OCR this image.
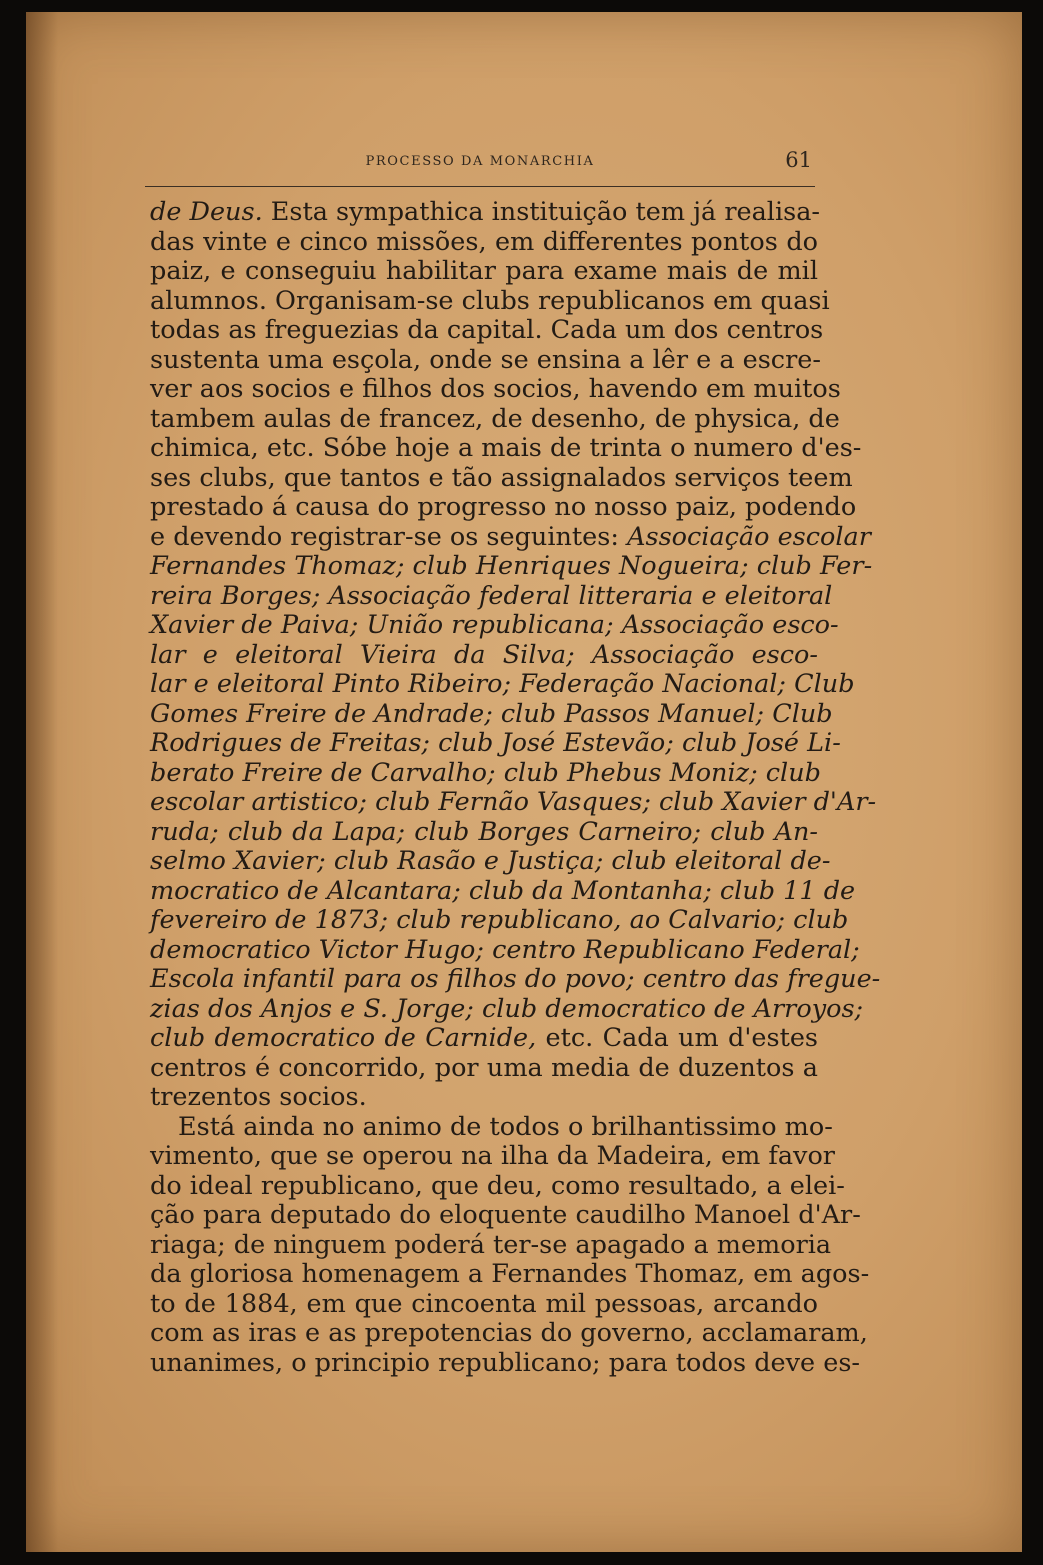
PROCESSO DA MONARCHIA	61
de Deus. Esta sympathica instituição tem já realisa-
das vinte e cinco missões, em differentes pontos do
paiz, e conseguiu habilitar para exame mais de mil
alumnos. Organisam-se clubs republicanos em quasi
todas as freguezias da capital. Cada um dos centros
sustenta uma esçola, onde se ensina a lêr e a escre-
ver aos socios e filhos dos socios, havendo em muitos
tambem aulas de francez, de desenho, de physica, de
chimica, etc. Sóbe hoje a mais de trinta o numero d'es-
ses clubs, que tantos e tão assignalados serviços teem
prestado á causa do progresso no nosso paiz, podendo
e devendo registrar-se os seguintes: Associação escolar
Fernandes Thomaz; club Henriques Nogueira; club Fer-
reira Borges; Associação federal litteraria e eleitoral
Xavier de Paiva; União republicana; Associação esco-
lar e eleitoral Vieira da Silva; Associação esco-
lar e eleitoral Pinto Ribeiro; Federação Nacional; Club
Gomes Freire de Andrade; club Passos Manuel; Club
Rodrigues de Freitas; club José Estevão; club José Li-
berato Freire de Carvalho; club Phebus Moniz; club
escolar artistico; club Fernão Vasques; club Xavier d'Ar-
ruda; club da Lapa; club Borges Carneiro; club An-
selmo Xavier; club Rasão e Justiça; club eleitoral de-
mocratico de Alcantara; club da Montanha; club 11 de
fevereiro de 1873; club republicano, ao Calvario; club
democratico Victor Hugo; centro Republicano Federal;
Escola infantil para os filhos do povo; centro das fregue-
zias dos Anjos e S. Jorge; club democratico de Arroyos;
club democratico de Carnide, etc. Cada um d'estes
centros é concorrido, por uma media de duzentos a
trezentos socios.
Está ainda no animo de todos o brilhantissimo mo-
vimento, que se operou na ilha da Madeira, em favor
do ideal republicano, que deu, como resultado, a elei-
ção para deputado do eloquente caudilho Manoel d'Ar-
riaga; de ninguem poderá ter-se apagado a memoria
da gloriosa homenagem a Fernandes Thomaz, em agos-
to de 1884, em que cincoenta mil pessoas, arcando
com as iras e as prepotencias do governo, acclamaram,
unanimes, o principio republicano; para todos deve es-
